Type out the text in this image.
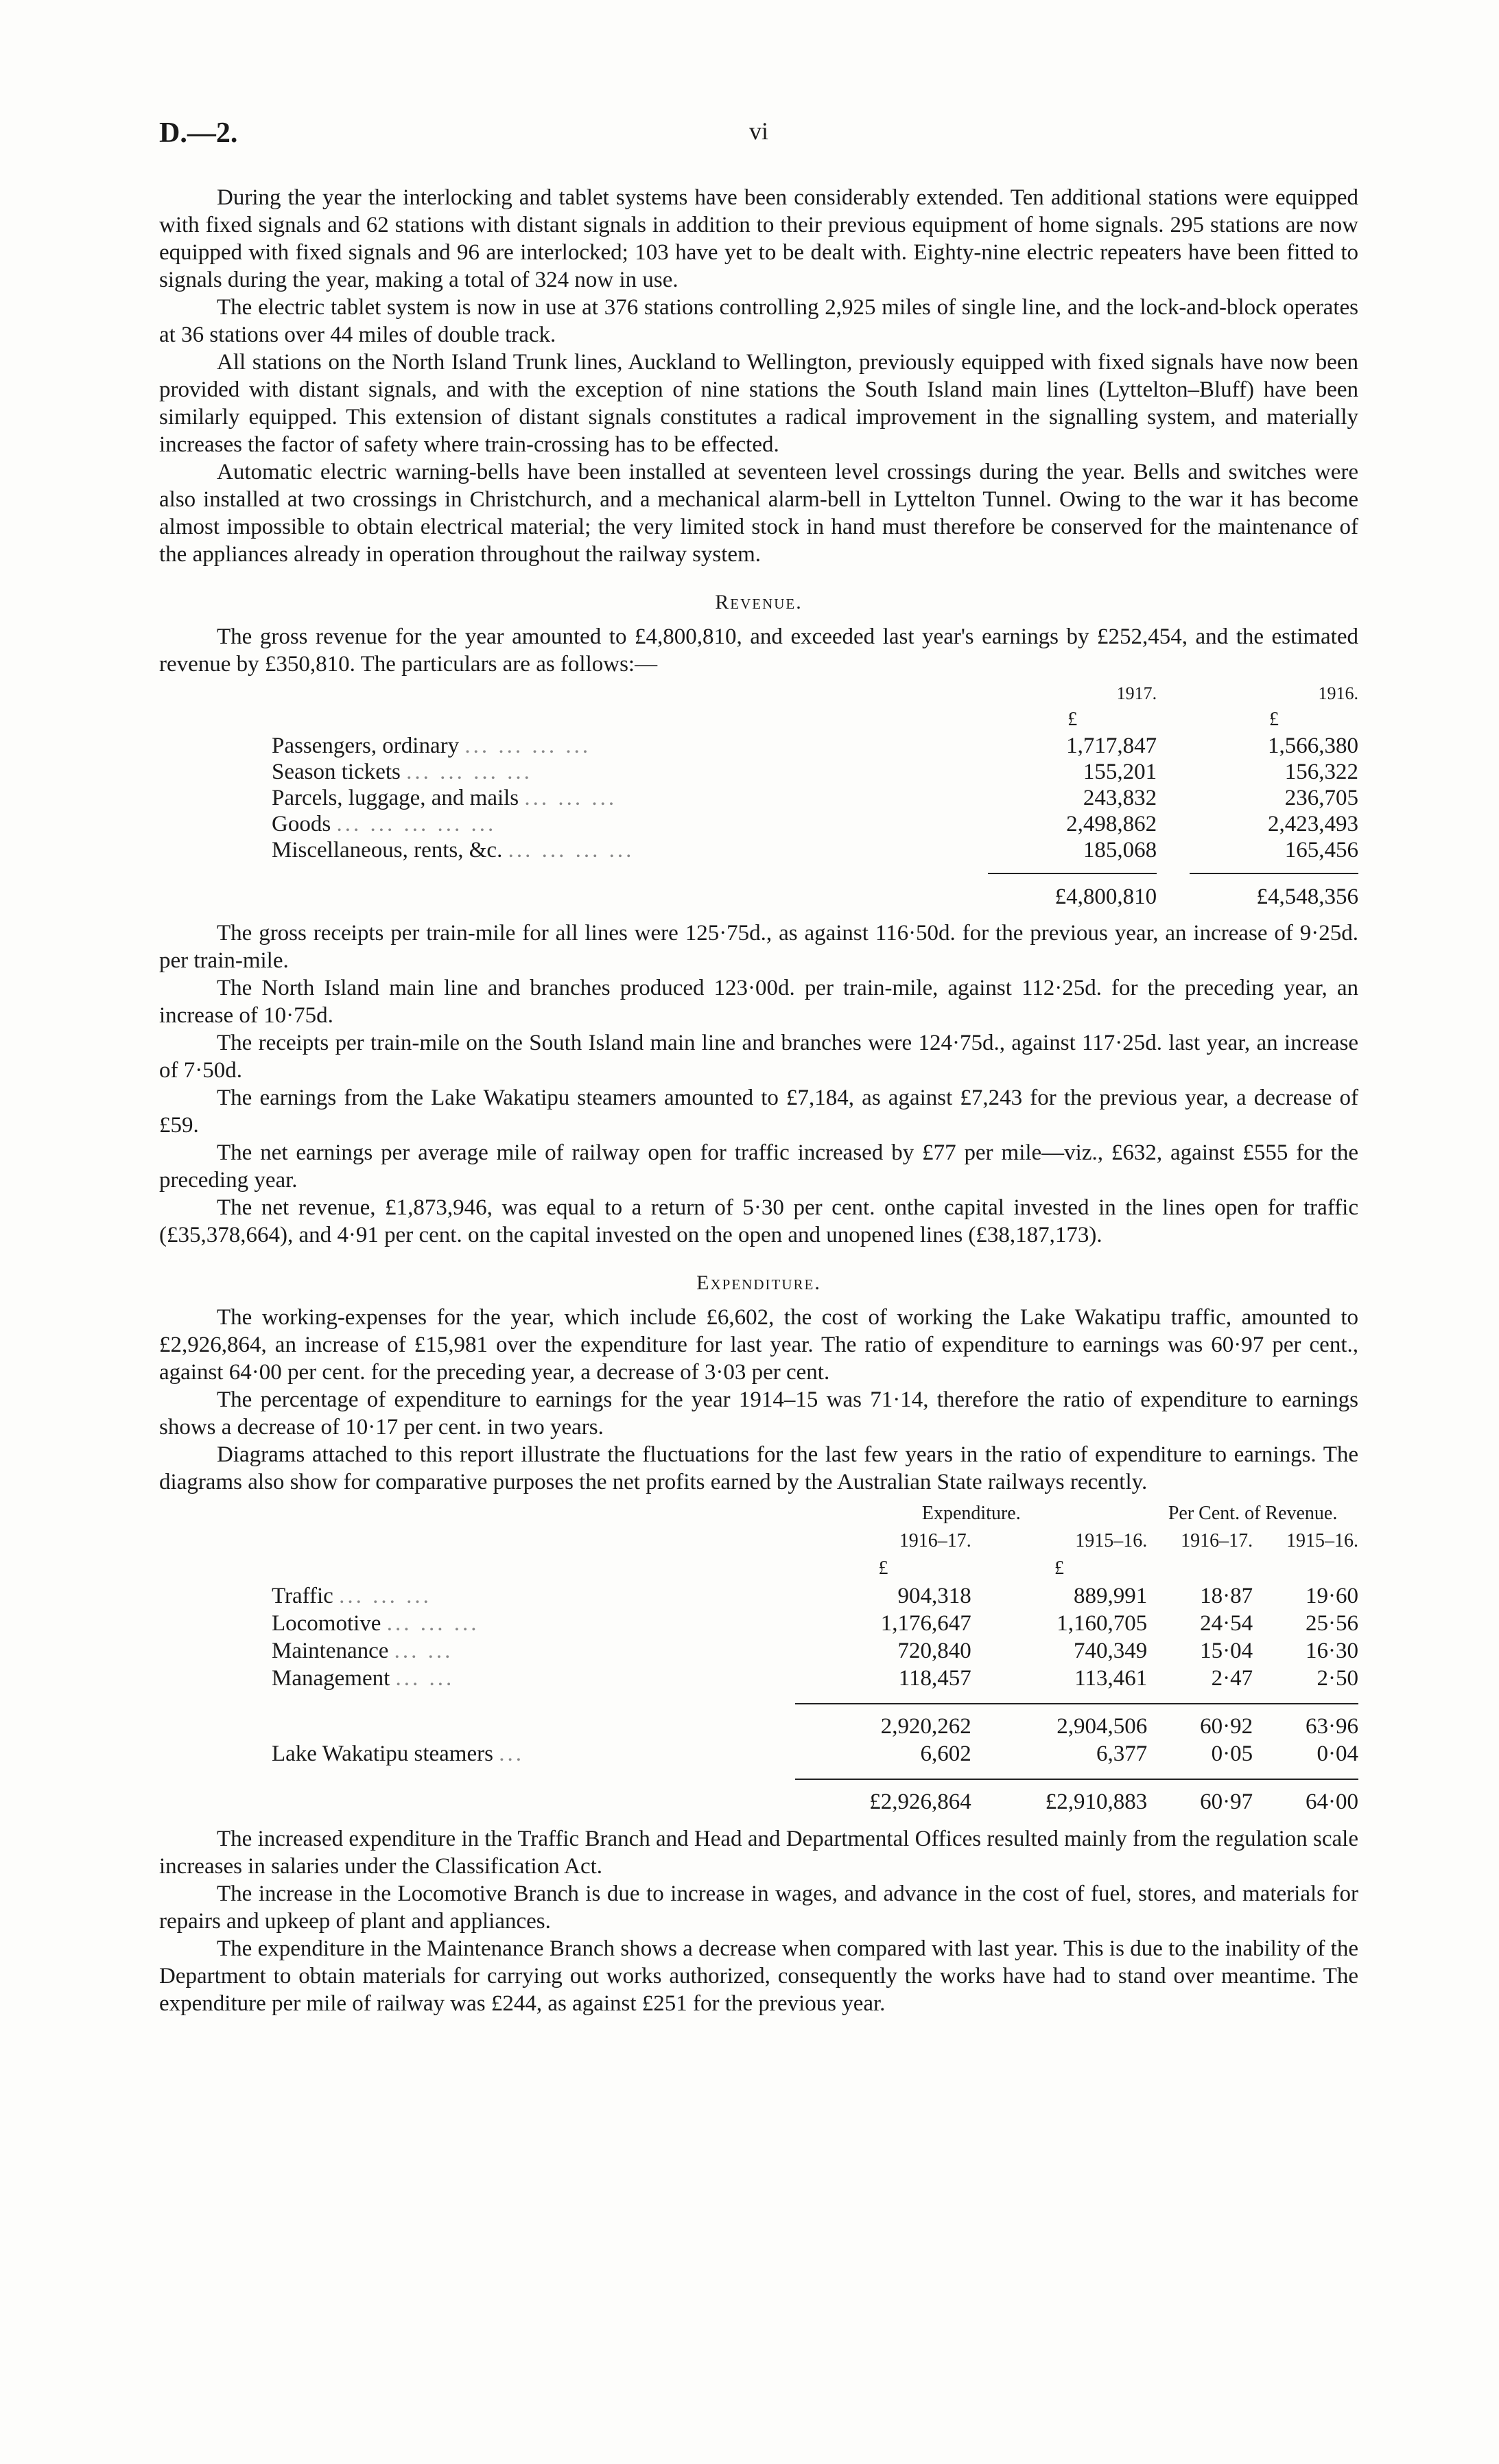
D.—2.	vi

During the year the interlocking and tablet systems have been considerably extended. Ten additional stations were equipped with fixed signals and 62 stations with distant signals in addition to their previous equipment of home signals. 295 stations are now equipped with fixed signals and 96 are interlocked; 103 have yet to be dealt with. Eighty-nine electric repeaters have been fitted to signals during the year, making a total of 324 now in use.

The electric tablet system is now in use at 376 stations controlling 2,925 miles of single line, and the lock-and-block operates at 36 stations over 44 miles of double track.

All stations on the North Island Trunk lines, Auckland to Wellington, previously equipped with fixed signals have now been provided with distant signals, and with the exception of nine stations the South Island main lines (Lyttelton–Bluff) have been similarly equipped. This extension of distant signals constitutes a radical improvement in the signalling system, and materially increases the factor of safety where train-crossing has to be effected.

Automatic electric warning-bells have been installed at seventeen level crossings during the year. Bells and switches were also installed at two crossings in Christchurch, and a mechanical alarm-bell in Lyttelton Tunnel. Owing to the war it has become almost impossible to obtain electrical material; the very limited stock in hand must therefore be conserved for the maintenance of the appliances already in operation throughout the railway system.

Revenue.

The gross revenue for the year amounted to £4,800,810, and exceeded last year's earnings by £252,454, and the estimated revenue by £350,810. The particulars are as follows:—

	1917.		1916.
	£		£
Passengers, ordinary ... ... ... ...	1,717,847		1,566,380
Season tickets ... ... ... ...	155,201		156,322
Parcels, luggage, and mails ... ... ...	243,832		236,705
Goods ... ... ... ... ...	2,498,862		2,423,493
Miscellaneous, rents, &c. ... ... ... ...	185,068		165,456

	£4,800,810		£4,548,356

The gross receipts per train-mile for all lines were 125·75d., as against 116·50d. for the previous year, an increase of 9·25d. per train-mile.

The North Island main line and branches produced 123·00d. per train-mile, against 112·25d. for the preceding year, an increase of 10·75d.

The receipts per train-mile on the South Island main line and branches were 124·75d., against 117·25d. last year, an increase of 7·50d.

The earnings from the Lake Wakatipu steamers amounted to £7,184, as against £7,243 for the previous year, a decrease of £59.

The net earnings per average mile of railway open for traffic increased by £77 per mile—viz., £632, against £555 for the preceding year.

The net revenue, £1,873,946, was equal to a return of 5·30 per cent. onthe capital invested in the lines open for traffic (£35,378,664), and 4·91 per cent. on the capital invested on the open and unopened lines (£38,187,173).

Expenditure.

The working-expenses for the year, which include £6,602, the cost of working the Lake Wakatipu traffic, amounted to £2,926,864, an increase of £15,981 over the expenditure for last year. The ratio of expenditure to earnings was 60·97 per cent., against 64·00 per cent. for the preceding year, a decrease of 3·03 per cent.

The percentage of expenditure to earnings for the year 1914–15 was 71·14, therefore the ratio of expenditure to earnings shows a decrease of 10·17 per cent. in two years.

Diagrams attached to this report illustrate the fluctuations for the last few years in the ratio of expenditure to earnings. The diagrams also show for comparative purposes the net profits earned by the Australian State railways recently.

	Expenditure.		Per Cent. of Revenue.	
	1916–17.	1915–16.	1916–17.	1915–16.
	£	£		
Traffic ... ... ...	904,318	889,991	18·87	19·60
Locomotive ... ... ...	1,176,647	1,160,705	24·54	25·56
Maintenance ... ...	720,840	740,349	15·04	16·30
Management ... ...	118,457	113,461	2·47	2·50

	2,920,262	2,904,506	60·92	63·96
Lake Wakatipu steamers ...	6,602	6,377	0·05	0·04

	£2,926,864	£2,910,883	60·97	64·00

The increased expenditure in the Traffic Branch and Head and Departmental Offices resulted mainly from the regulation scale increases in salaries under the Classification Act.

The increase in the Locomotive Branch is due to increase in wages, and advance in the cost of fuel, stores, and materials for repairs and upkeep of plant and appliances.

The expenditure in the Maintenance Branch shows a decrease when compared with last year. This is due to the inability of the Department to obtain materials for carrying out works authorized, consequently the works have had to stand over meantime. The expenditure per mile of railway was £244, as against £251 for the previous year.
